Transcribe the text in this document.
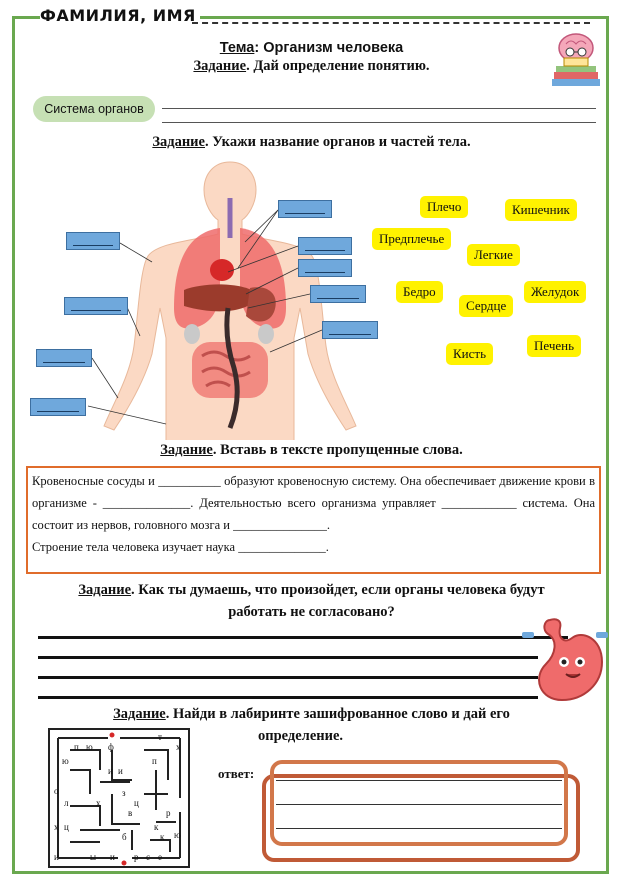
ФАМИЛИЯ, ИМЯ
Тема: Организм человека
Задание. Дай определение понятию.
Система органов
Задание. Укажи название органов и частей тела.
Плечо	Кишечник
Предплечье
Легкие
Бедро	Желудок
Сердце
Печень
Кисть
Задание. Вставь в тексте пропущенные слова.

Кровеносные сосуды и __________ образуют кровеносную систему. Она обеспечивает движение крови в организме - ______________. Деятельностью всего организма управляет ____________ система. Она состоит из нервов, головного мозга и _______________.

Строение тела человека изучает наука ______________.

Задание. Как ты думаешь, что произойдет, если органы человека будут
работать не согласовано?
Задание. Найди в лабиринте зашифрованное слово и дай его
определение.
т
п ю ф	х
ю	п
и и
з
о
ц
л	х
в	р
х ц	к
ю
б	к
и	ы и р с е
ответ:
